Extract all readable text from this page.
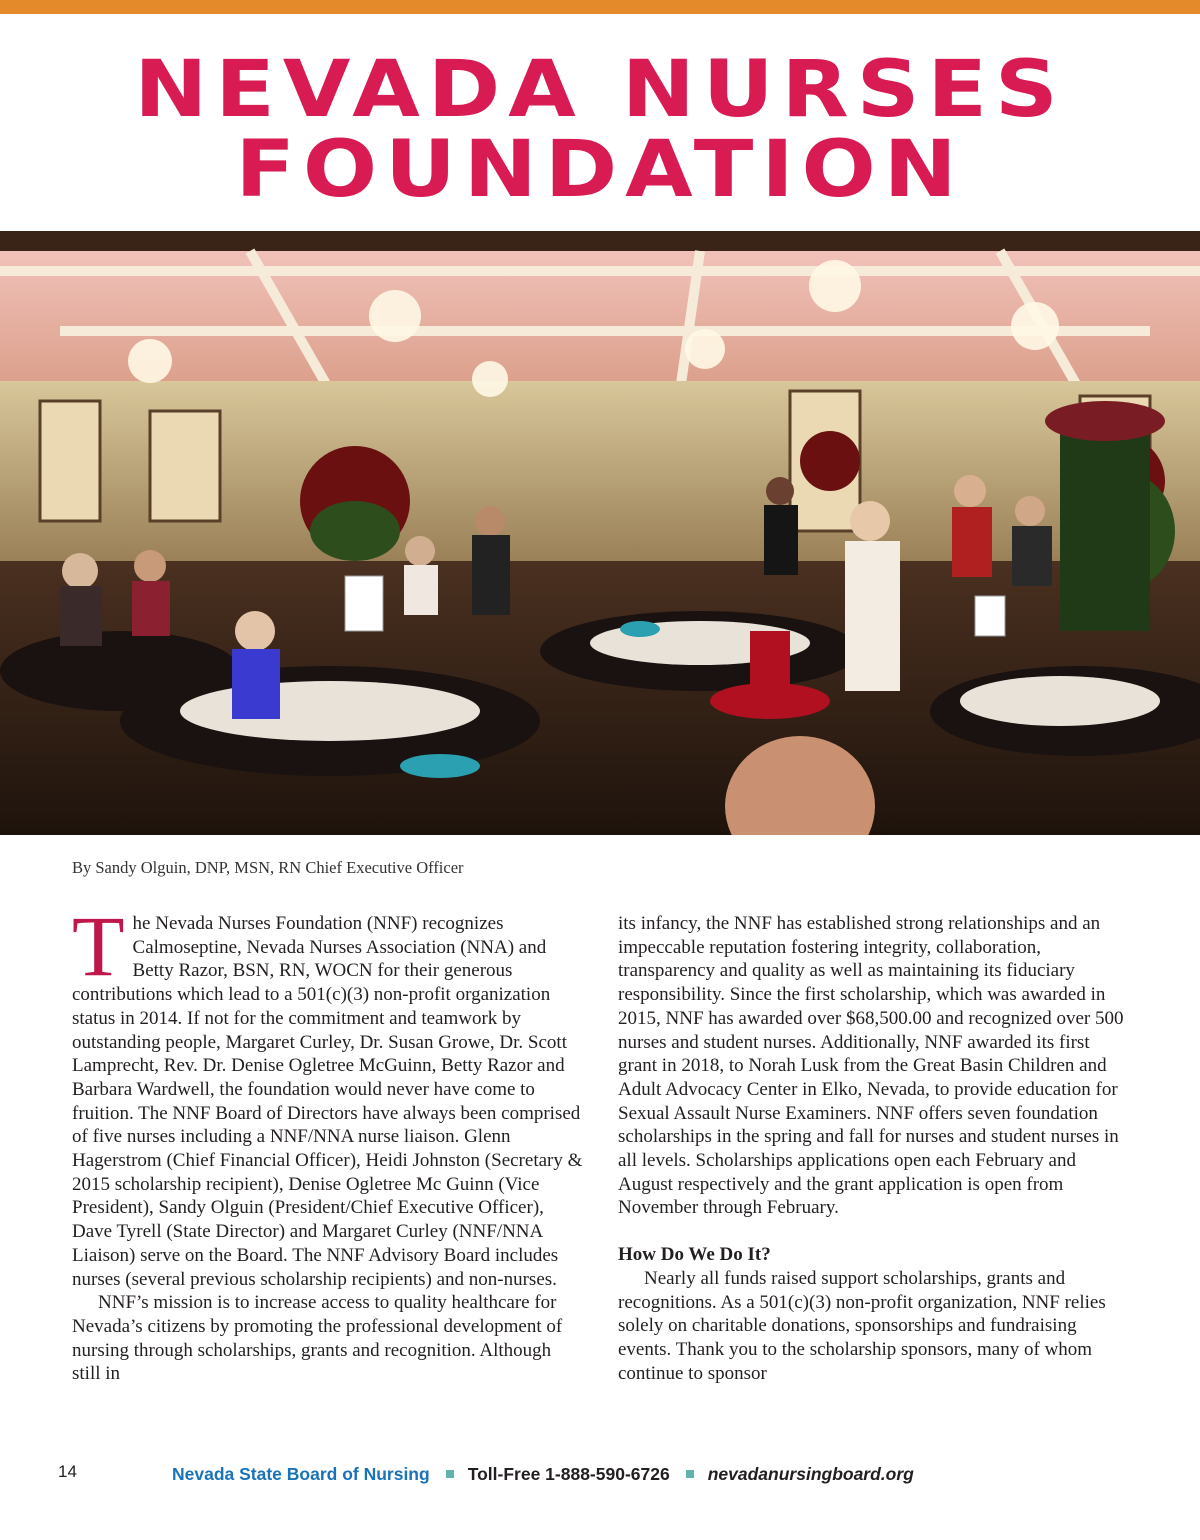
NEVADA NURSES
FOUNDATION
By Sandy Olguin, DNP, MSN, RN Chief Executive Officer

The Nevada Nurses Foundation (NNF) recognizes Calmoseptine, Nevada Nurses Association (NNA) and Betty Razor, BSN, RN, WOCN for their generous contributions which lead to a 501(c)(3) non-profit organization status in 2014. If not for the commitment and teamwork by outstanding people, Margaret Curley, Dr. Susan Growe, Dr. Scott Lamprecht, Rev. Dr. Denise Ogletree McGuinn, Betty Razor and Barbara Wardwell, the foundation would never have come to fruition. The NNF Board of Directors have always been comprised of five nurses including a NNF/NNA nurse liaison. Glenn Hagerstrom (Chief Financial Officer), Heidi Johnston (Secretary & 2015 scholarship recipient), Denise Ogletree Mc Guinn (Vice President), Sandy Olguin (President/Chief Executive Officer), Dave Tyrell (State Director) and Margaret Curley (NNF/NNA Liaison) serve on the Board. The NNF Advisory Board includes nurses (several previous scholarship recipients) and non-nurses.

NNF’s mission is to increase access to quality healthcare for Nevada’s citizens by promoting the professional development of nursing through scholarships, grants and recognition. Although still in

its infancy, the NNF has established strong relationships and an impeccable reputation fostering integrity, collaboration, transparency and quality as well as maintaining its fiduciary responsibility. Since the first scholarship, which was awarded in 2015, NNF has awarded over $68,500.00 and recognized over 500 nurses and student nurses. Additionally, NNF awarded its first grant in 2018, to Norah Lusk from the Great Basin Children and Adult Advocacy Center in Elko, Nevada, to provide education for Sexual Assault Nurse Examiners. NNF offers seven foundation scholarships in the spring and fall for nurses and student nurses in all levels. Scholarships applications open each February and August respectively and the grant application is open from November through February.

How Do We Do It?

Nearly all funds raised support scholarships, grants and recognitions. As a 501(c)(3) non-profit organization, NNF relies solely on charitable donations, sponsorships and fundraising events. Thank you to the scholarship sponsors, many of whom continue to sponsor

14	Nevada State Board of Nursing Toll-Free 1-888-590-6726 nevadanursingboard.org
